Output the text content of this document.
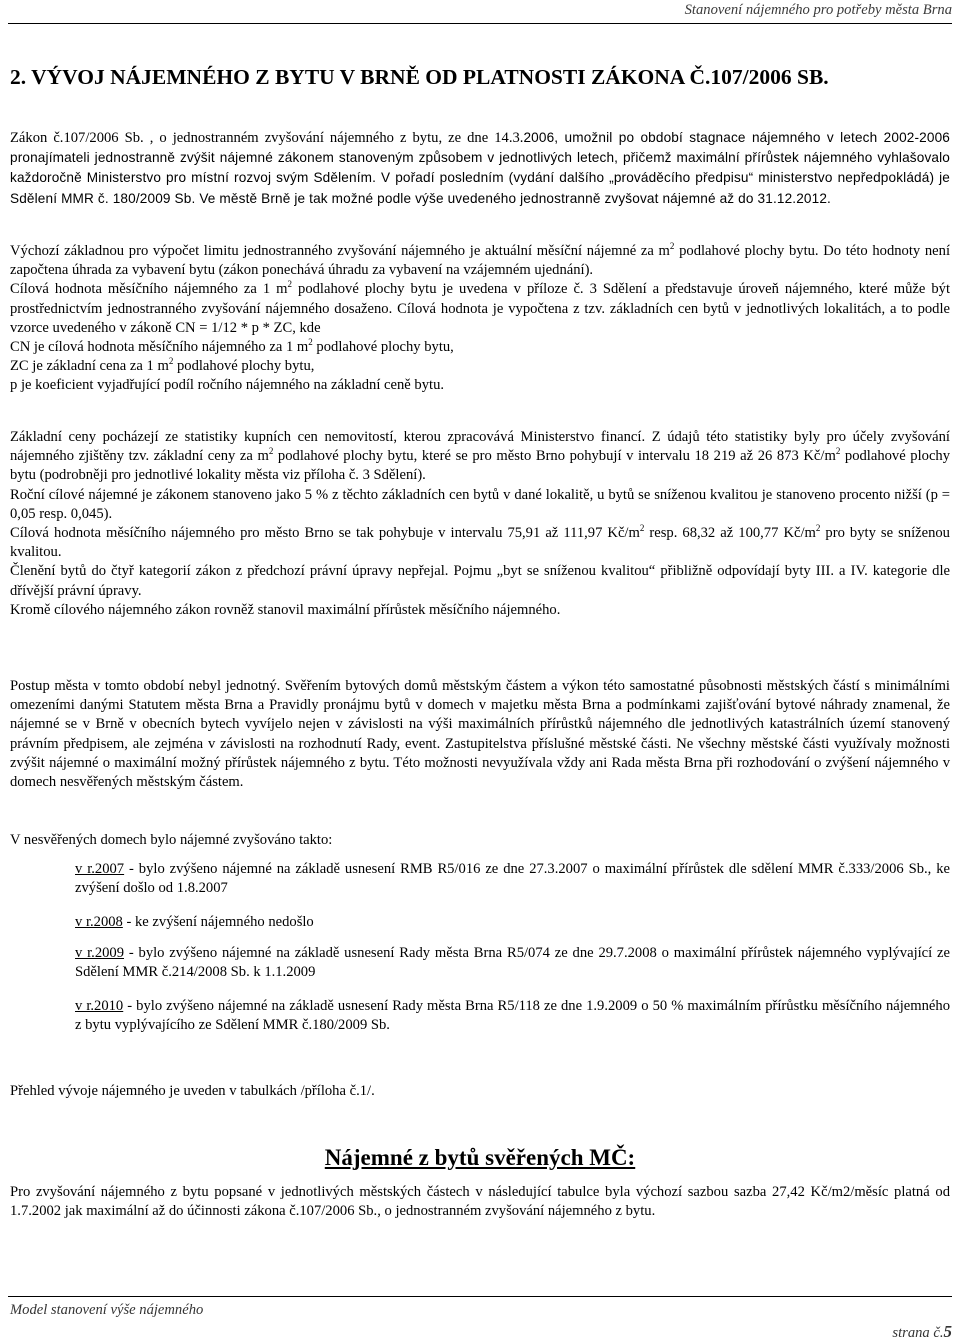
Stanovení nájemného pro potřeby města Brna
2. VÝVOJ NÁJEMNÉHO Z BYTU V BRNĚ OD PLATNOSTI ZÁKONA Č.107/2006 SB.

Zákon č.107/2006 Sb. , o jednostranném zvyšování nájemného z bytu, ze dne 14.3.2006, umožnil po období stagnace nájemného v letech 2002-2006 pronajímateli jednostranně zvýšit nájemné zákonem stanoveným způsobem v jednotlivých letech, přičemž maximální přírůstek nájemného vyhlašovalo každoročně Ministerstvo pro místní rozvoj svým Sdělením. V pořadí posledním (vydání dalšího „prováděcího předpisu“ ministerstvo nepředpokládá) je Sdělení MMR č. 180/2009 Sb. Ve městě Brně je tak možné podle výše uvedeného jednostranně zvyšovat nájemné až do 31.12.2012.

Výchozí základnou pro výpočet limitu jednostranného zvyšování nájemného je aktuální měsíční nájemné za $m^2$ podlahové plochy bytu. Do této hodnoty není započtena úhrada za vybavení bytu (zákon ponechává úhradu za vybavení na vzájemném ujednání).

Cílová hodnota měsíčního nájemného za 1 $m^2$ podlahové plochy bytu je uvedena v příloze č. 3 Sdělení a představuje úroveň nájemného, které může být prostřednictvím jednostranného zvyšování nájemného dosaženo. Cílová hodnota je vypočtena z tzv. základních cen bytů v jednotlivých lokalitách, a to podle vzorce uvedeného v zákoně CN = 1/12 * p * ZC, kde

CN je cílová hodnota měsíčního nájemného za 1 $m^2$ podlahové plochy bytu,

ZC je základní cena za 1 $m^2$ podlahové plochy bytu,

p je koeficient vyjadřující podíl ročního nájemného na základní ceně bytu.

Základní ceny pocházejí ze statistiky kupních cen nemovitostí, kterou zpracovává Ministerstvo financí. Z údajů této statistiky byly pro účely zvyšování nájemného zjištěny tzv. základní ceny za $m^2$ podlahové plochy bytu, které se pro město Brno pohybují v intervalu 18 219 až 26 873 $Kč/m^2$ podlahové plochy bytu (podrobněji pro jednotlivé lokality města viz příloha č. 3 Sdělení).

Roční cílové nájemné je zákonem stanoveno jako 5 % z těchto základních cen bytů v dané lokalitě, u bytů se sníženou kvalitou je stanoveno procento nižší (p = 0,05 resp. 0,045).

Cílová hodnota měsíčního nájemného pro město Brno se tak pohybuje v intervalu 75,91 až 111,97 $Kč/m^2$ resp. 68,32 až 100,77 $Kč/m^2$ pro byty se sníženou kvalitou.

Členění bytů do čtyř kategorií zákon z předchozí právní úpravy nepřejal. Pojmu „byt se sníženou kvalitou“ přibližně odpovídají byty III. a IV. kategorie dle dřívější právní úpravy.

Kromě cílového nájemného zákon rovněž stanovil maximální přírůstek měsíčního nájemného.

Postup města v tomto období nebyl jednotný. Svěřením bytových domů městským částem a výkon této samostatné působnosti městských částí s minimálními omezeními danými Statutem města Brna a Pravidly pronájmu bytů v domech v majetku města Brna a podmínkami zajišťování bytové náhrady znamenal, že nájemné se v Brně v obecních bytech vyvíjelo nejen v závislosti na výši maximálních přírůstků nájemného dle jednotlivých katastrálních území stanovený právním předpisem, ale zejména v závislosti na rozhodnutí Rady, event. Zastupitelstva příslušné městské části. Ne všechny městské části využívaly možnosti zvýšit nájemné o maximální možný přírůstek nájemného z bytu. Této možnosti nevyužívala vždy ani Rada města Brna při rozhodování o zvýšení nájemného v domech nesvěřených městským částem.

V nesvěřených domech bylo nájemné zvyšováno takto:
v r.2007 - bylo zvýšeno nájemné na základě usnesení RMB R5/016 ze dne 27.3.2007 o maximální přírůstek dle sdělení MMR č.333/2006 Sb., ke zvýšení došlo od 1.8.2007
v r.2008 - ke zvýšení nájemného nedošlo
v r.2009 - bylo zvýšeno nájemné na základě usnesení Rady města Brna R5/074 ze dne 29.7.2008 o maximální přírůstek nájemného vyplývající ze Sdělení MMR č.214/2008 Sb. k 1.1.2009
v r.2010 - bylo zvýšeno nájemné na základě usnesení Rady města Brna R5/118 ze dne 1.9.2009 o 50 % maximálním přírůstku měsíčního nájemného z bytu vyplývajícího ze Sdělení MMR č.180/2009 Sb.
Přehled vývoje nájemného je uveden v tabulkách /příloha č.1/.
Nájemné z bytů svěřených MČ:
Pro zvyšování nájemného z bytu popsané v jednotlivých městských částech v následující tabulce byla výchozí sazbou sazba 27,42 Kč/m2/měsíc platná od 1.7.2002 jak maximální až do účinnosti zákona č.107/2006 Sb., o jednostranném zvyšování nájemného z bytu.
Model stanovení výše nájemného
strana č.5
